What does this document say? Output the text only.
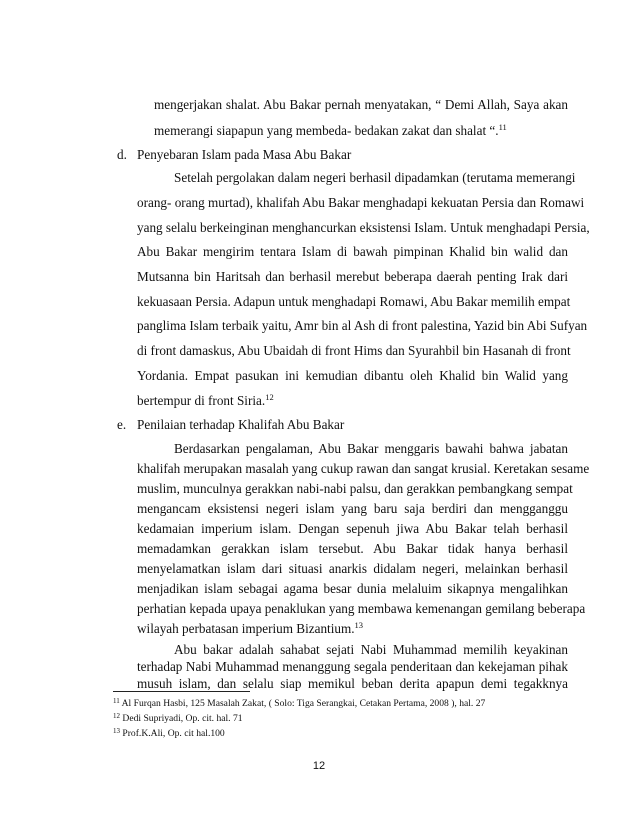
mengerjakan shalat. Abu Bakar pernah menyatakan, “ Demi Allah, Saya akan
memerangi siapapun yang membeda- bedakan zakat dan shalat “.$^{11}$
d. Penyebaran Islam pada Masa Abu Bakar
Setelah pergolakan dalam negeri berhasil dipadamkan (terutama memerangi
orang- orang murtad), khalifah Abu Bakar menghadapi kekuatan Persia dan Romawi
yang selalu berkeinginan menghancurkan eksistensi Islam. Untuk menghadapi Persia,
Abu Bakar mengirim tentara Islam di bawah pimpinan Khalid bin walid dan
Mutsanna bin Haritsah dan berhasil merebut beberapa daerah penting Irak dari
kekuasaan Persia. Adapun untuk menghadapi Romawi, Abu Bakar memilih empat
panglima Islam terbaik yaitu, Amr bin al Ash di front palestina, Yazid bin Abi Sufyan
di front damaskus, Abu Ubaidah di front Hims dan Syurahbil bin Hasanah di front
Yordania. Empat pasukan ini kemudian dibantu oleh Khalid bin Walid yang
bertempur di front Siria.$^{12}$
e. Penilaian terhadap Khalifah Abu Bakar
Berdasarkan pengalaman, Abu Bakar menggaris bawahi bahwa jabatan
khalifah merupakan masalah yang cukup rawan dan sangat krusial. Keretakan sesame
muslim, munculnya gerakkan nabi-nabi palsu, dan gerakkan pembangkang sempat
mengancam eksistensi negeri islam yang baru saja berdiri dan mengganggu
kedamaian imperium islam. Dengan sepenuh jiwa Abu Bakar telah berhasil
memadamkan gerakkan islam tersebut. Abu Bakar tidak hanya berhasil
menyelamatkan islam dari situasi anarkis didalam negeri, melainkan berhasil
menjadikan islam sebagai agama besar dunia melaluim sikapnya mengalihkan
perhatian kepada upaya penaklukan yang membawa kemenangan gemilang beberapa
wilayah perbatasan imperium Bizantium.$^{13}$
$^{11}$ Al Furqan Hasbi, 125 Masalah Zakat, ( Solo: Tiga Serangkai, Cetakan Pertama, 2008 ), hal. 27
$^{12}$ Dedi Supriyadi, Op. cit. hal. 71
$^{13}$ Prof.K.Ali, Op. cit hal.100
12
Abu bakar adalah sahabat sejati Nabi Muhammad memilih keyakinan
terhadap Nabi Muhammad menanggung segala penderitaan dan kekejaman pihak
musuh islam, dan selalu siap memikul beban derita apapun demi tegakknya
